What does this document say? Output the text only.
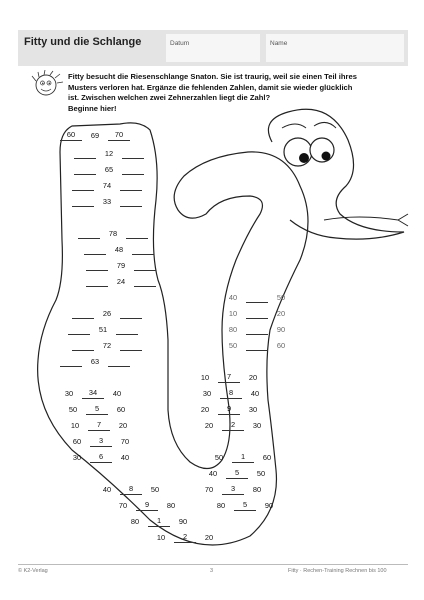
Fitty und die Schlange	Datum	Name

Fitty besucht die Riesenschlange Snaton. Sie ist traurig, weil sie einen Teil ihres

Musters verloren hat. Ergänze die fehlenden Zahlen, damit sie wieder glücklich

ist. Zwischen welchen zwei Zehnerzahlen liegt die Zahl?

Beginne hier!

60	69	70
12
65
74
33
78
48
79
24
26
51
72
63
30	34	40
50	5	60
10	7	20
60	3	70
30	6	40
40	8	50
70	9	80
80	1	90
10	2	20
50	1	60
40	5	50
70	3	80
80	5	90
10	7	20
30	8	40
20	9	30
20	2	30
40	50
10	20
80	90
50	60
© K2-Verlag	3	Fitty · Rechen-Training Rechnen bis 100
